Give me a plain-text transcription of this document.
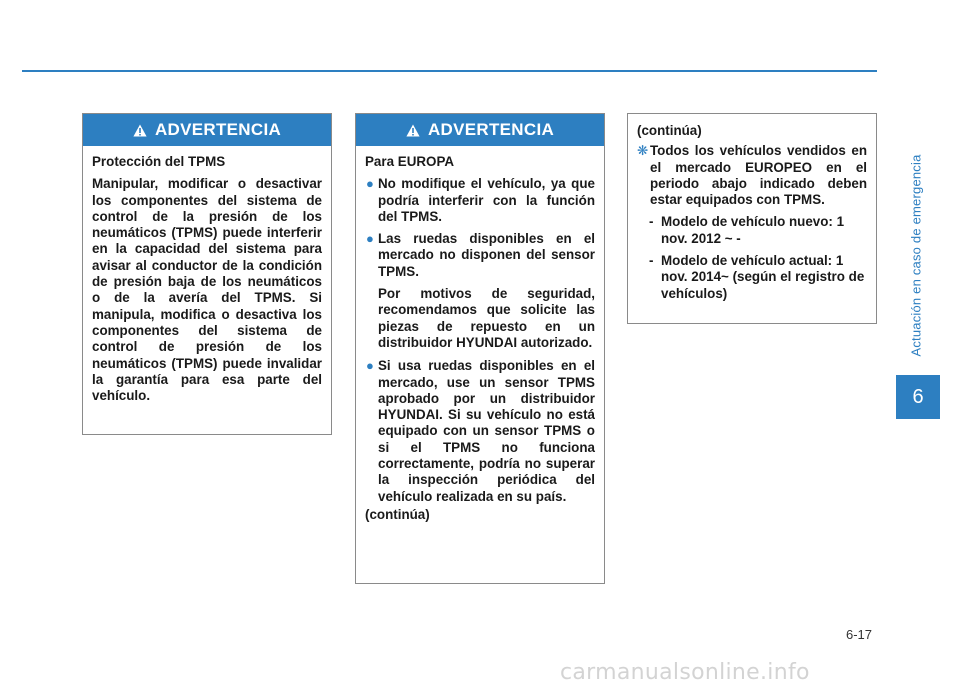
Actuación en caso de emergencia
6
ADVERTENCIA

Protección del TPMS

Manipular, modificar o desactivar los componentes del sistema de control de la presión de los neumáticos (TPMS) puede interferir en la capacidad del sistema para avisar al conductor de la condición de presión baja de los neumáticos o de la avería del TPMS. Si manipula, modifica o desactiva los componentes del sistema de control de presión de los neumáticos (TPMS) puede invalidar la garantía para esa parte del vehículo.

ADVERTENCIA

Para EUROPA

● No modifique el vehículo, ya que podría interferir con la función del TPMS.
● Las ruedas disponibles en el mercado no disponen del sensor TPMS.

Por motivos de seguridad, recomendamos que solicite las piezas de repuesto en un distribuidor HYUNDAI autorizado.

● Si usa ruedas disponibles en el mercado, use un sensor TPMS aprobado por un distribuidor HYUNDAI. Si su vehículo no está equipado con un sensor TPMS o si el TPMS no funciona correctamente, podría no superar la inspección periódica del vehículo realizada en su país.

(continúa)

(continúa)

❋ Todos los vehículos vendidos en el mercado EUROPEO en el periodo abajo indicado deben estar equipados con TPMS.
- Modelo de vehículo nuevo: 1 nov. 2012 ~ -
- Modelo de vehículo actual: 1 nov. 2014~ (según el registro de vehículos)
6-17
carmanualsonline.info
